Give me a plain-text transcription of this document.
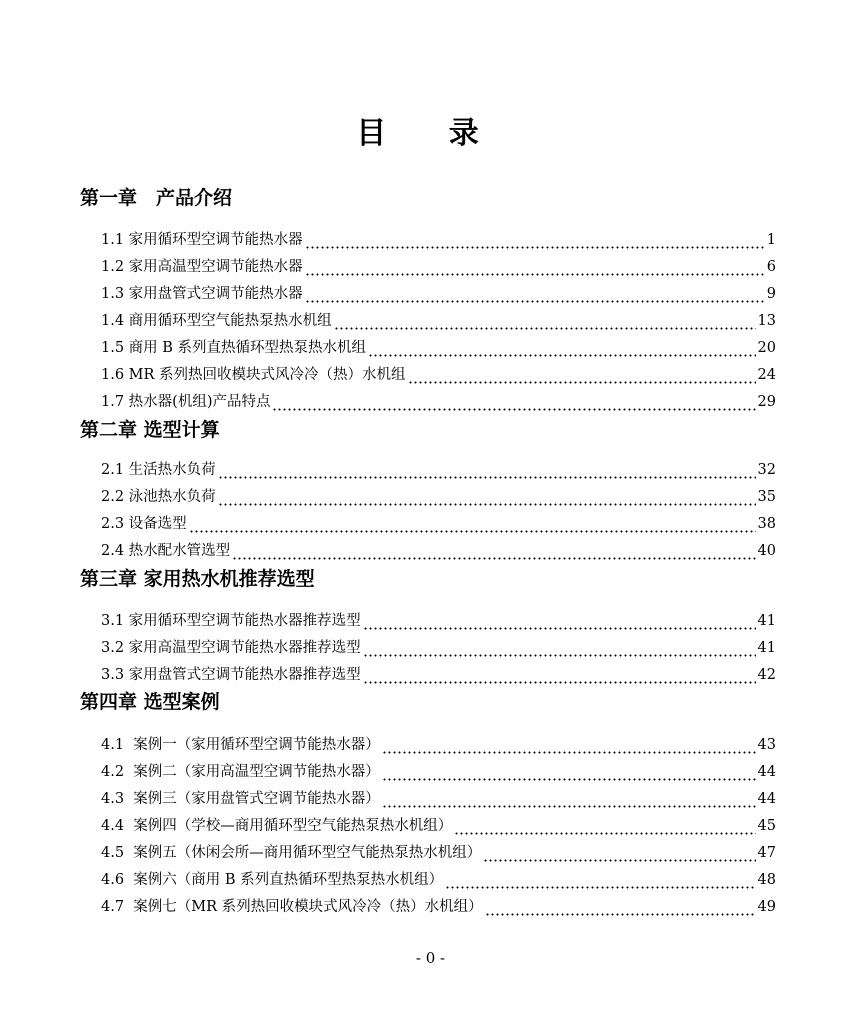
目 录
第一章　产品介绍
1.1 家用循环型空调节能热水器	1
1.2 家用高温型空调节能热水器	6
1.3 家用盘管式空调节能热水器	9
1.4 商用循环型空气能热泵热水机组	13
1.5 商用 B 系列直热循环型热泵热水机组	20
1.6 MR 系列热回收模块式风冷冷（热）水机组	24
1.7 热水器(机组)产品特点	29
第二章 选型计算
2.1 生活热水负荷	32
2.2 泳池热水负荷	35
2.3 设备选型	38
2.4 热水配水管选型	40
第三章 家用热水机推荐选型
3.1 家用循环型空调节能热水器推荐选型	41
3.2 家用高温型空调节能热水器推荐选型	41
3.3 家用盘管式空调节能热水器推荐选型	42
第四章 选型案例
4.1  案例一（家用循环型空调节能热水器）	43
4.2  案例二（家用高温型空调节能热水器）	44
4.3  案例三（家用盘管式空调节能热水器）	44
4.4  案例四（学校—商用循环型空气能热泵热水机组）	45
4.5  案例五（休闲会所—商用循环型空气能热泵热水机组）	47
4.6  案例六（商用 B 系列直热循环型热泵热水机组）	48
4.7  案例七（MR 系列热回收模块式风冷冷（热）水机组）	49
- 0 -
